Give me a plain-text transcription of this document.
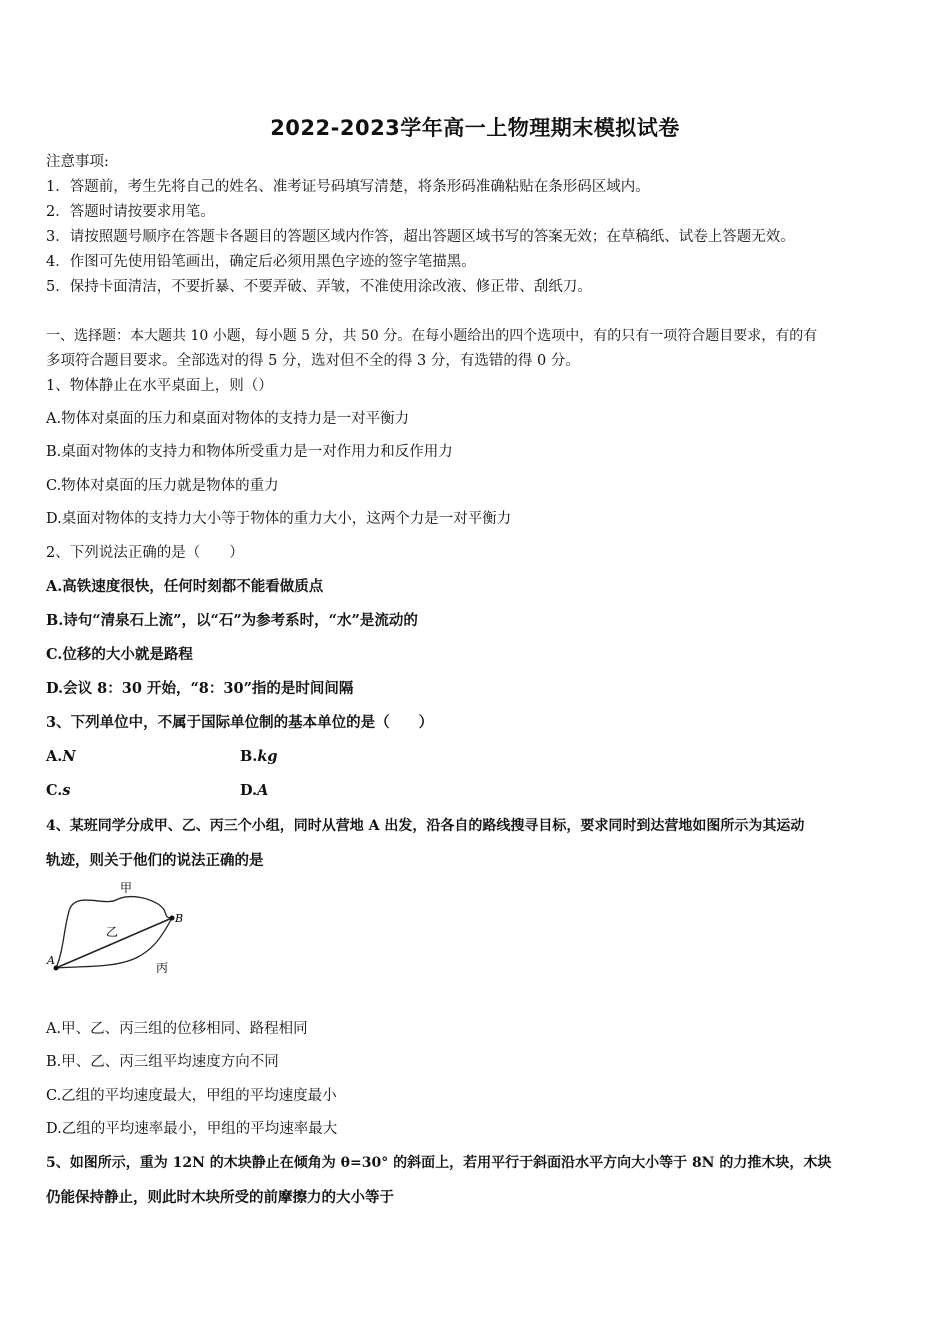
2022-2023学年高一上物理期末模拟试卷
注意事项:
1．答题前，考生先将自己的姓名、准考证号码填写清楚，将条形码准确粘贴在条形码区域内。
2．答题时请按要求用笔。
3．请按照题号顺序在答题卡各题目的答题区域内作答，超出答题区域书写的答案无效；在草稿纸、试卷上答题无效。
4．作图可先使用铅笔画出，确定后必须用黑色字迹的签字笔描黑。
5．保持卡面清洁，不要折暴、不要弄破、弄皱，不准使用涂改液、修正带、刮纸刀。
一、选择题：本大题共 10 小题，每小题 5 分，共 50 分。在每小题给出的四个选项中，有的只有一项符合题目要求，有的有
多项符合题目要求。全部选对的得 5 分，选对但不全的得 3 分，有选错的得 0 分。
1、物体静止在水平桌面上，则（）
A.物体对桌面的压力和桌面对物体的支持力是一对平衡力
B.桌面对物体的支持力和物体所受重力是一对作用力和反作用力
C.物体对桌面的压力就是物体的重力
D.桌面对物体的支持力大小等于物体的重力大小，这两个力是一对平衡力
2、下列说法正确的是（　　）
A.高铁速度很快，任何时刻都不能看做质点
B.诗句“清泉石上流”，以“石”为参考系时，“水”是流动的
C.位移的大小就是路程
D.会议 8：30 开始，“8：30”指的是时间间隔
3、下列单位中，不属于国际单位制的基本单位的是（　　）
A.N	B.kg
C.s	D.A
4、某班同学分成甲、乙、丙三个小组，同时从营地 A 出发，沿各自的路线搜寻目标，要求同时到达营地如图所示为其运动
轨迹，则关于他们的说法正确的是
甲
乙
丙
A
B
A.甲、乙、丙三组的位移相同、路程相同
B.甲、乙、丙三组平均速度方向不同
C.乙组的平均速度最大，甲组的平均速度最小
D.乙组的平均速率最小，甲组的平均速率最大
5、如图所示，重为 12N 的木块静止在倾角为 θ=30° 的斜面上，若用平行于斜面沿水平方向大小等于 8N 的力推木块，木块
仍能保持静止，则此时木块所受的前摩擦力的大小等于
